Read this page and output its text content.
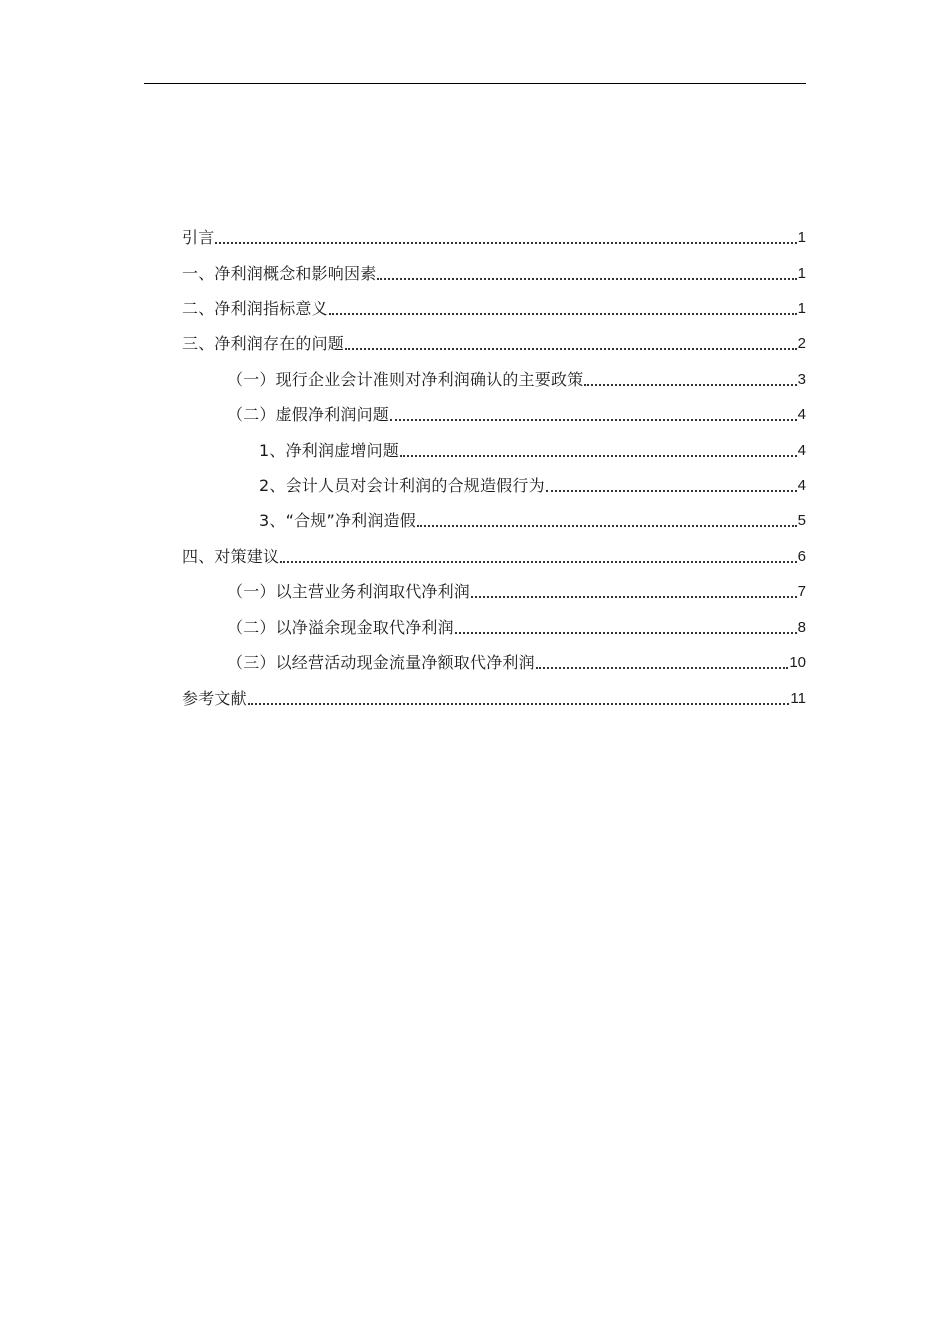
引言	1
一、净利润概念和影响因素	1
二、净利润指标意义	1
三、净利润存在的问题	2
（一）现行企业会计准则对净利润确认的主要政策	3
（二）虚假净利润问题	4
1、净利润虚增问题	4
2、会计人员对会计利润的合规造假行为	4
3、“合规”净利润造假	5
四、对策建议	6
（一）以主营业务利润取代净利润	7
（二）以净溢余现金取代净利润	8
（三）以经营活动现金流量净额取代净利润	10
参考文献	11
